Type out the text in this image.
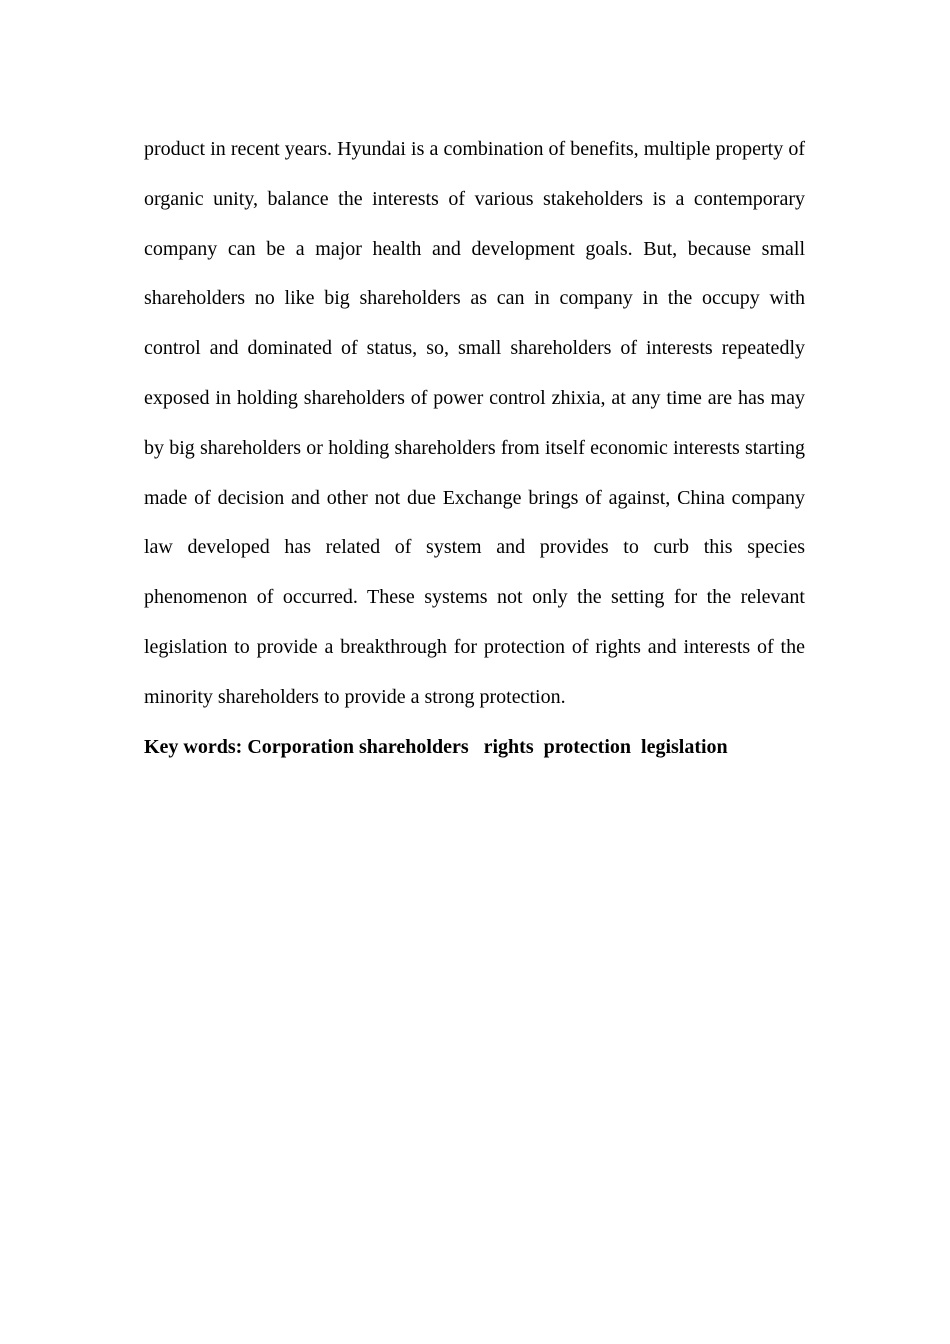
product in recent years. Hyundai is a combination of benefits, multiple property of organic unity, balance the interests of various stakeholders is a contemporary company can be a major health and development goals. But, because small shareholders no like big shareholders as can in company in the occupy with control and dominated of status, so, small shareholders of interests repeatedly exposed in holding shareholders of power control zhixia, at any time are has may by big shareholders or holding shareholders from itself economic interests starting made of decision and other not due Exchange brings of against, China company law developed has related of system and provides to curb this species phenomenon of occurred. These systems not only the setting for the relevant legislation to provide a breakthrough for protection of rights and interests of the minority shareholders to provide a strong protection.

Key words: Corporation shareholders   rights  protection  legislation
